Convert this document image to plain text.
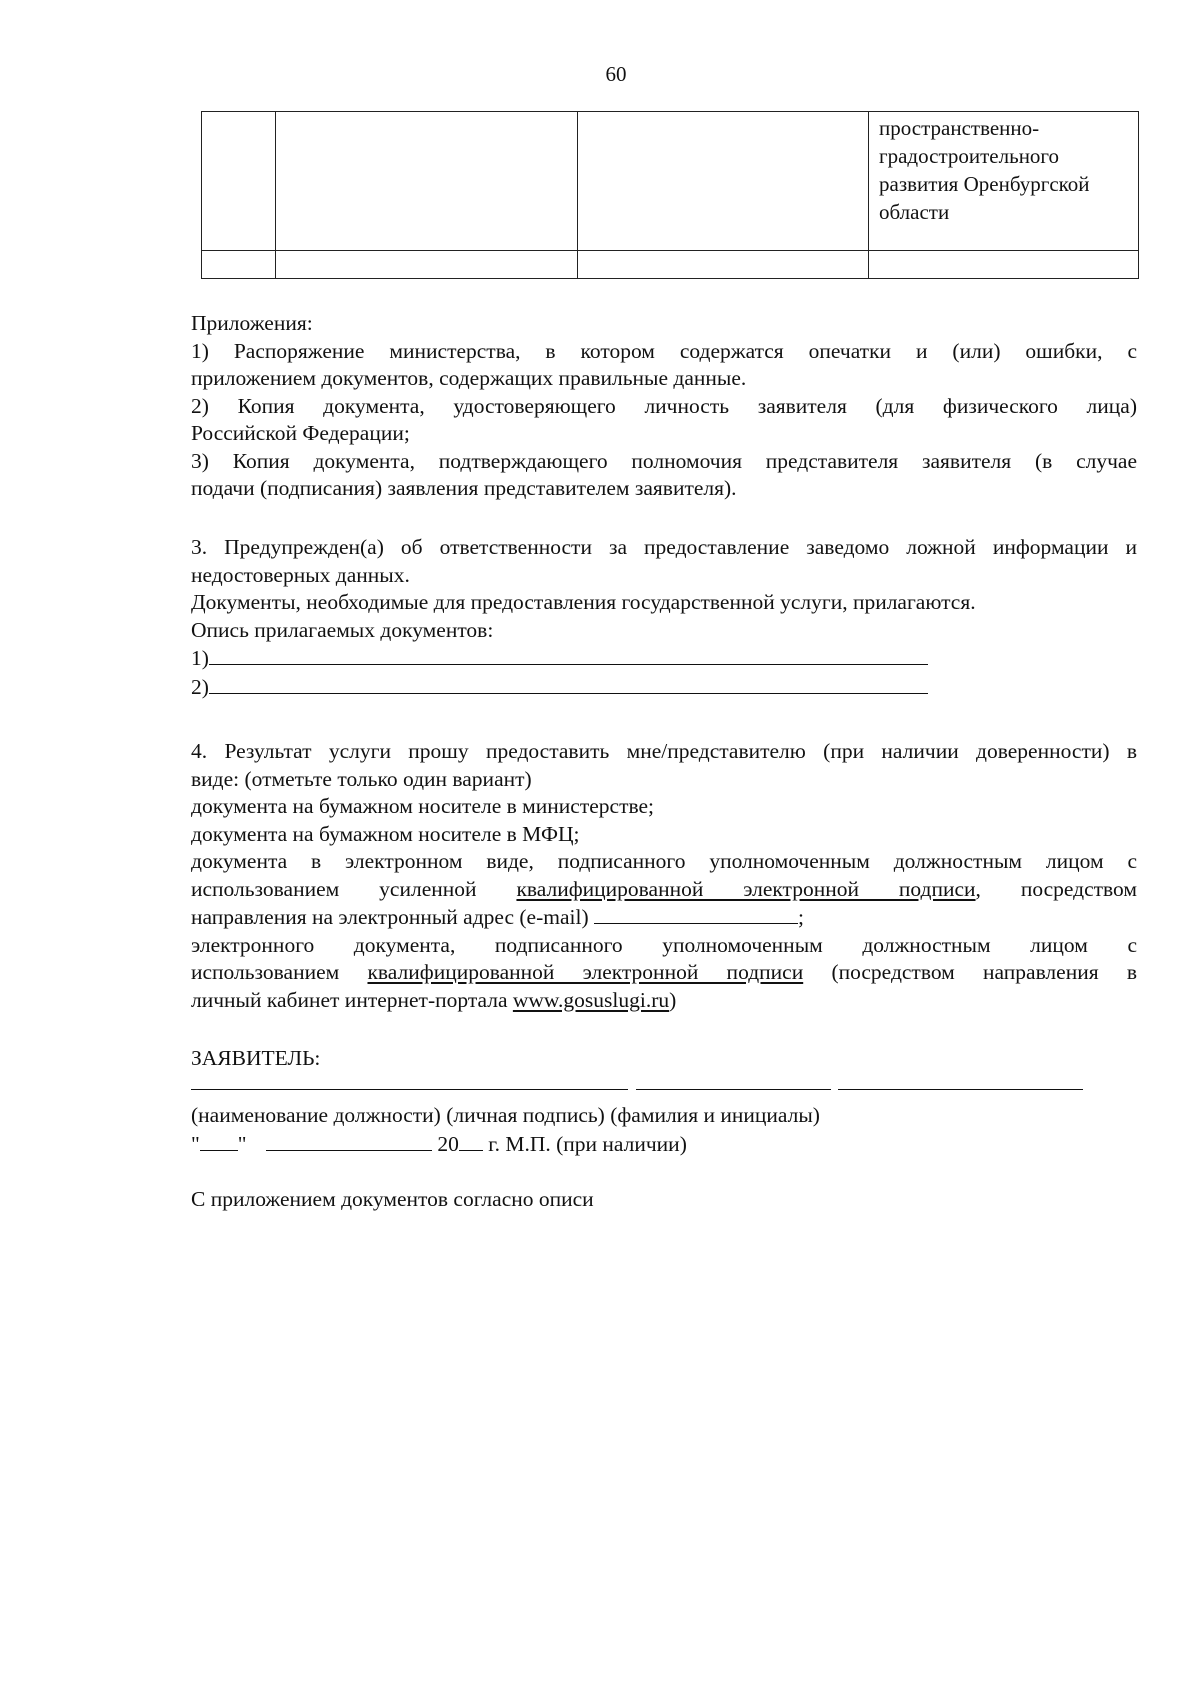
60

			пространственно-
градостроительного
развития Оренбургской
области

Приложения:

1) Распоряжение министерства, в котором содержатся опечатки и (или) ошибки, с

приложением документов, содержащих правильные данные.

2) Копия документа, удостоверяющего личность заявителя (для физического лица)

Российской Федерации;

3) Копия документа, подтверждающего полномочия представителя заявителя (в случае

подачи (подписания) заявления представителем заявителя).

3. Предупрежден(а) об ответственности за предоставление заведомо ложной информации и

недостоверных данных.

Документы, необходимые для предоставления государственной услуги, прилагаются.

Опись прилагаемых документов:

1)

2)

4. Результат услуги прошу предоставить мне/представителю (при наличии доверенности) в

виде: (отметьте только один вариант)

документа на бумажном носителе в министерстве;

документа на бумажном носителе в МФЦ;

документа в электронном виде, подписанного уполномоченным должностным лицом с

использованием усиленной квалифицированной электронной подписи, посредством

направления на электронный адрес (e-mail)	;

электронного документа, подписанного уполномоченным должностным лицом с

использованием квалифицированной электронной подписи (посредством направления в

личный кабинет интернет-портала www.gosuslugi.ru)

ЗАЯВИТЕЛЬ:
(наименование должности) (личная подпись) (фамилия и инициалы)
" "	20 г. М.П. (при наличии)
С приложением документов согласно описи
